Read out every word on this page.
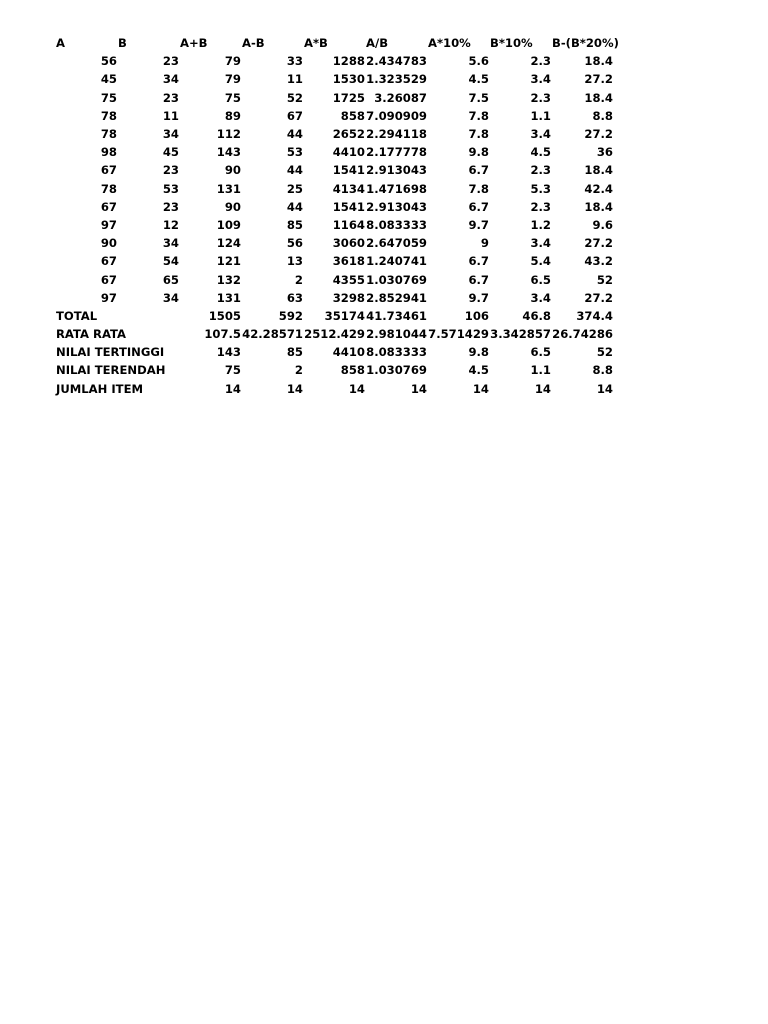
A	B	A+B	A-B	A*B	A/B	A*10%	B*10%	B-(B*20%)
56	23	79	33	1288	2.434783	5.6	2.3	18.4
45	34	79	11	1530	1.323529	4.5	3.4	27.2
75	23	75	52	1725	3.26087	7.5	2.3	18.4
78	11	89	67	858	7.090909	7.8	1.1	8.8
78	34	112	44	2652	2.294118	7.8	3.4	27.2
98	45	143	53	4410	2.177778	9.8	4.5	36
67	23	90	44	1541	2.913043	6.7	2.3	18.4
78	53	131	25	4134	1.471698	7.8	5.3	42.4
67	23	90	44	1541	2.913043	6.7	2.3	18.4
97	12	109	85	1164	8.083333	9.7	1.2	9.6
90	34	124	56	3060	2.647059	9	3.4	27.2
67	54	121	13	3618	1.240741	6.7	5.4	43.2
67	65	132	2	4355	1.030769	6.7	6.5	52
97	34	131	63	3298	2.852941	9.7	3.4	27.2
TOTAL		1505	592	35174	41.73461	106	46.8	374.4
RATA RATA		107.5	42.28571	2512.429	2.981044	7.571429	3.342857	26.74286
NILAI TERTINGGI		143	85	4410	8.083333	9.8	6.5	52
NILAI TERENDAH		75	2	858	1.030769	4.5	1.1	8.8
JUMLAH ITEM		14	14	14	14	14	14	14
